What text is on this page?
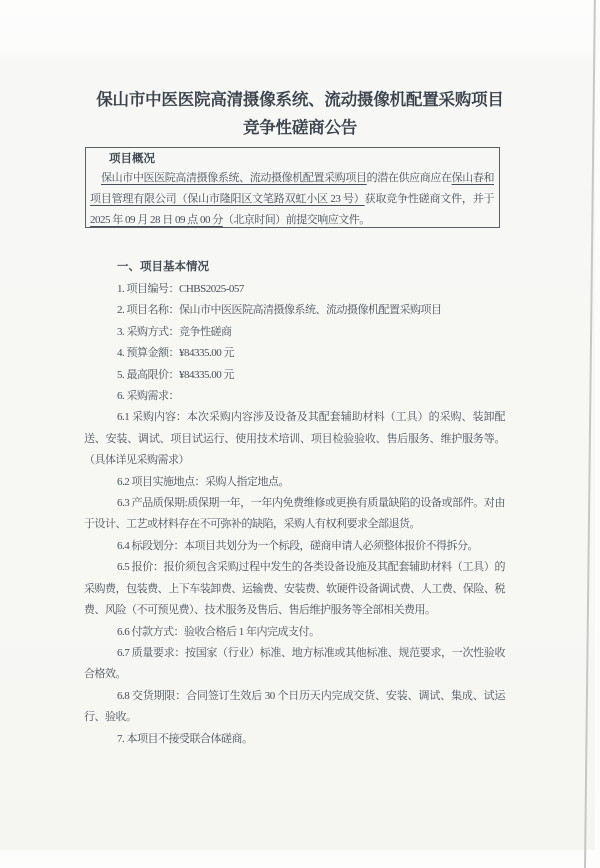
保山市中医医院高清摄像系统、流动摄像机配置采购项目
竞争性磋商公告
项目概况

保山市中医医院高清摄像系统、流动摄像机配置采购项目的潜在供应商应在保山春和项目管理有限公司（保山市隆阳区文笔路双虹小区 23 号）获取竞争性磋商文件，并于 2025 年 09 月 28 日 09 点 00 分（北京时间）前提交响应文件。

一、项目基本情况

1. 项目编号：CHBS2025-057

2. 项目名称：保山市中医医院高清摄像系统、流动摄像机配置采购项目

3. 采购方式：竞争性磋商

4. 预算金额：¥84335.00 元

5. 最高限价：¥84335.00 元

6. 采购需求：

6.1 采购内容：本次采购内容涉及设备及其配套辅助材料（工具）的采购、装卸配送、安装、调试、项目试运行、使用技术培训、项目检验验收、售后服务、维护服务等。（具体详见采购需求）

6.2 项目实施地点：采购人指定地点。

6.3 产品质保期:质保期一年，一年内免费维修或更换有质量缺陷的设备或部件。对由于设计、工艺或材料存在不可弥补的缺陷，采购人有权利要求全部退货。

6.4 标段划分：本项目共划分为一个标段，磋商申请人必须整体报价不得拆分。

6.5 报价：报价须包含采购过程中发生的各类设备设施及其配套辅助材料（工具）的采购费，包装费、上下车装卸费、运输费、安装费、软硬件设备调试费、人工费、保险、税费、风险（不可预见费）、技术服务及售后、售后维护服务等全部相关费用。

6.6 付款方式：验收合格后 1 年内完成支付。

6.7 质量要求：按国家（行业）标准、地方标准或其他标准、规范要求，一次性验收合格效。

6.8 交货期限：合同签订生效后 30 个日历天内完成交货、安装、调试、集成、试运行、验收。

7. 本项目不接受联合体磋商。
